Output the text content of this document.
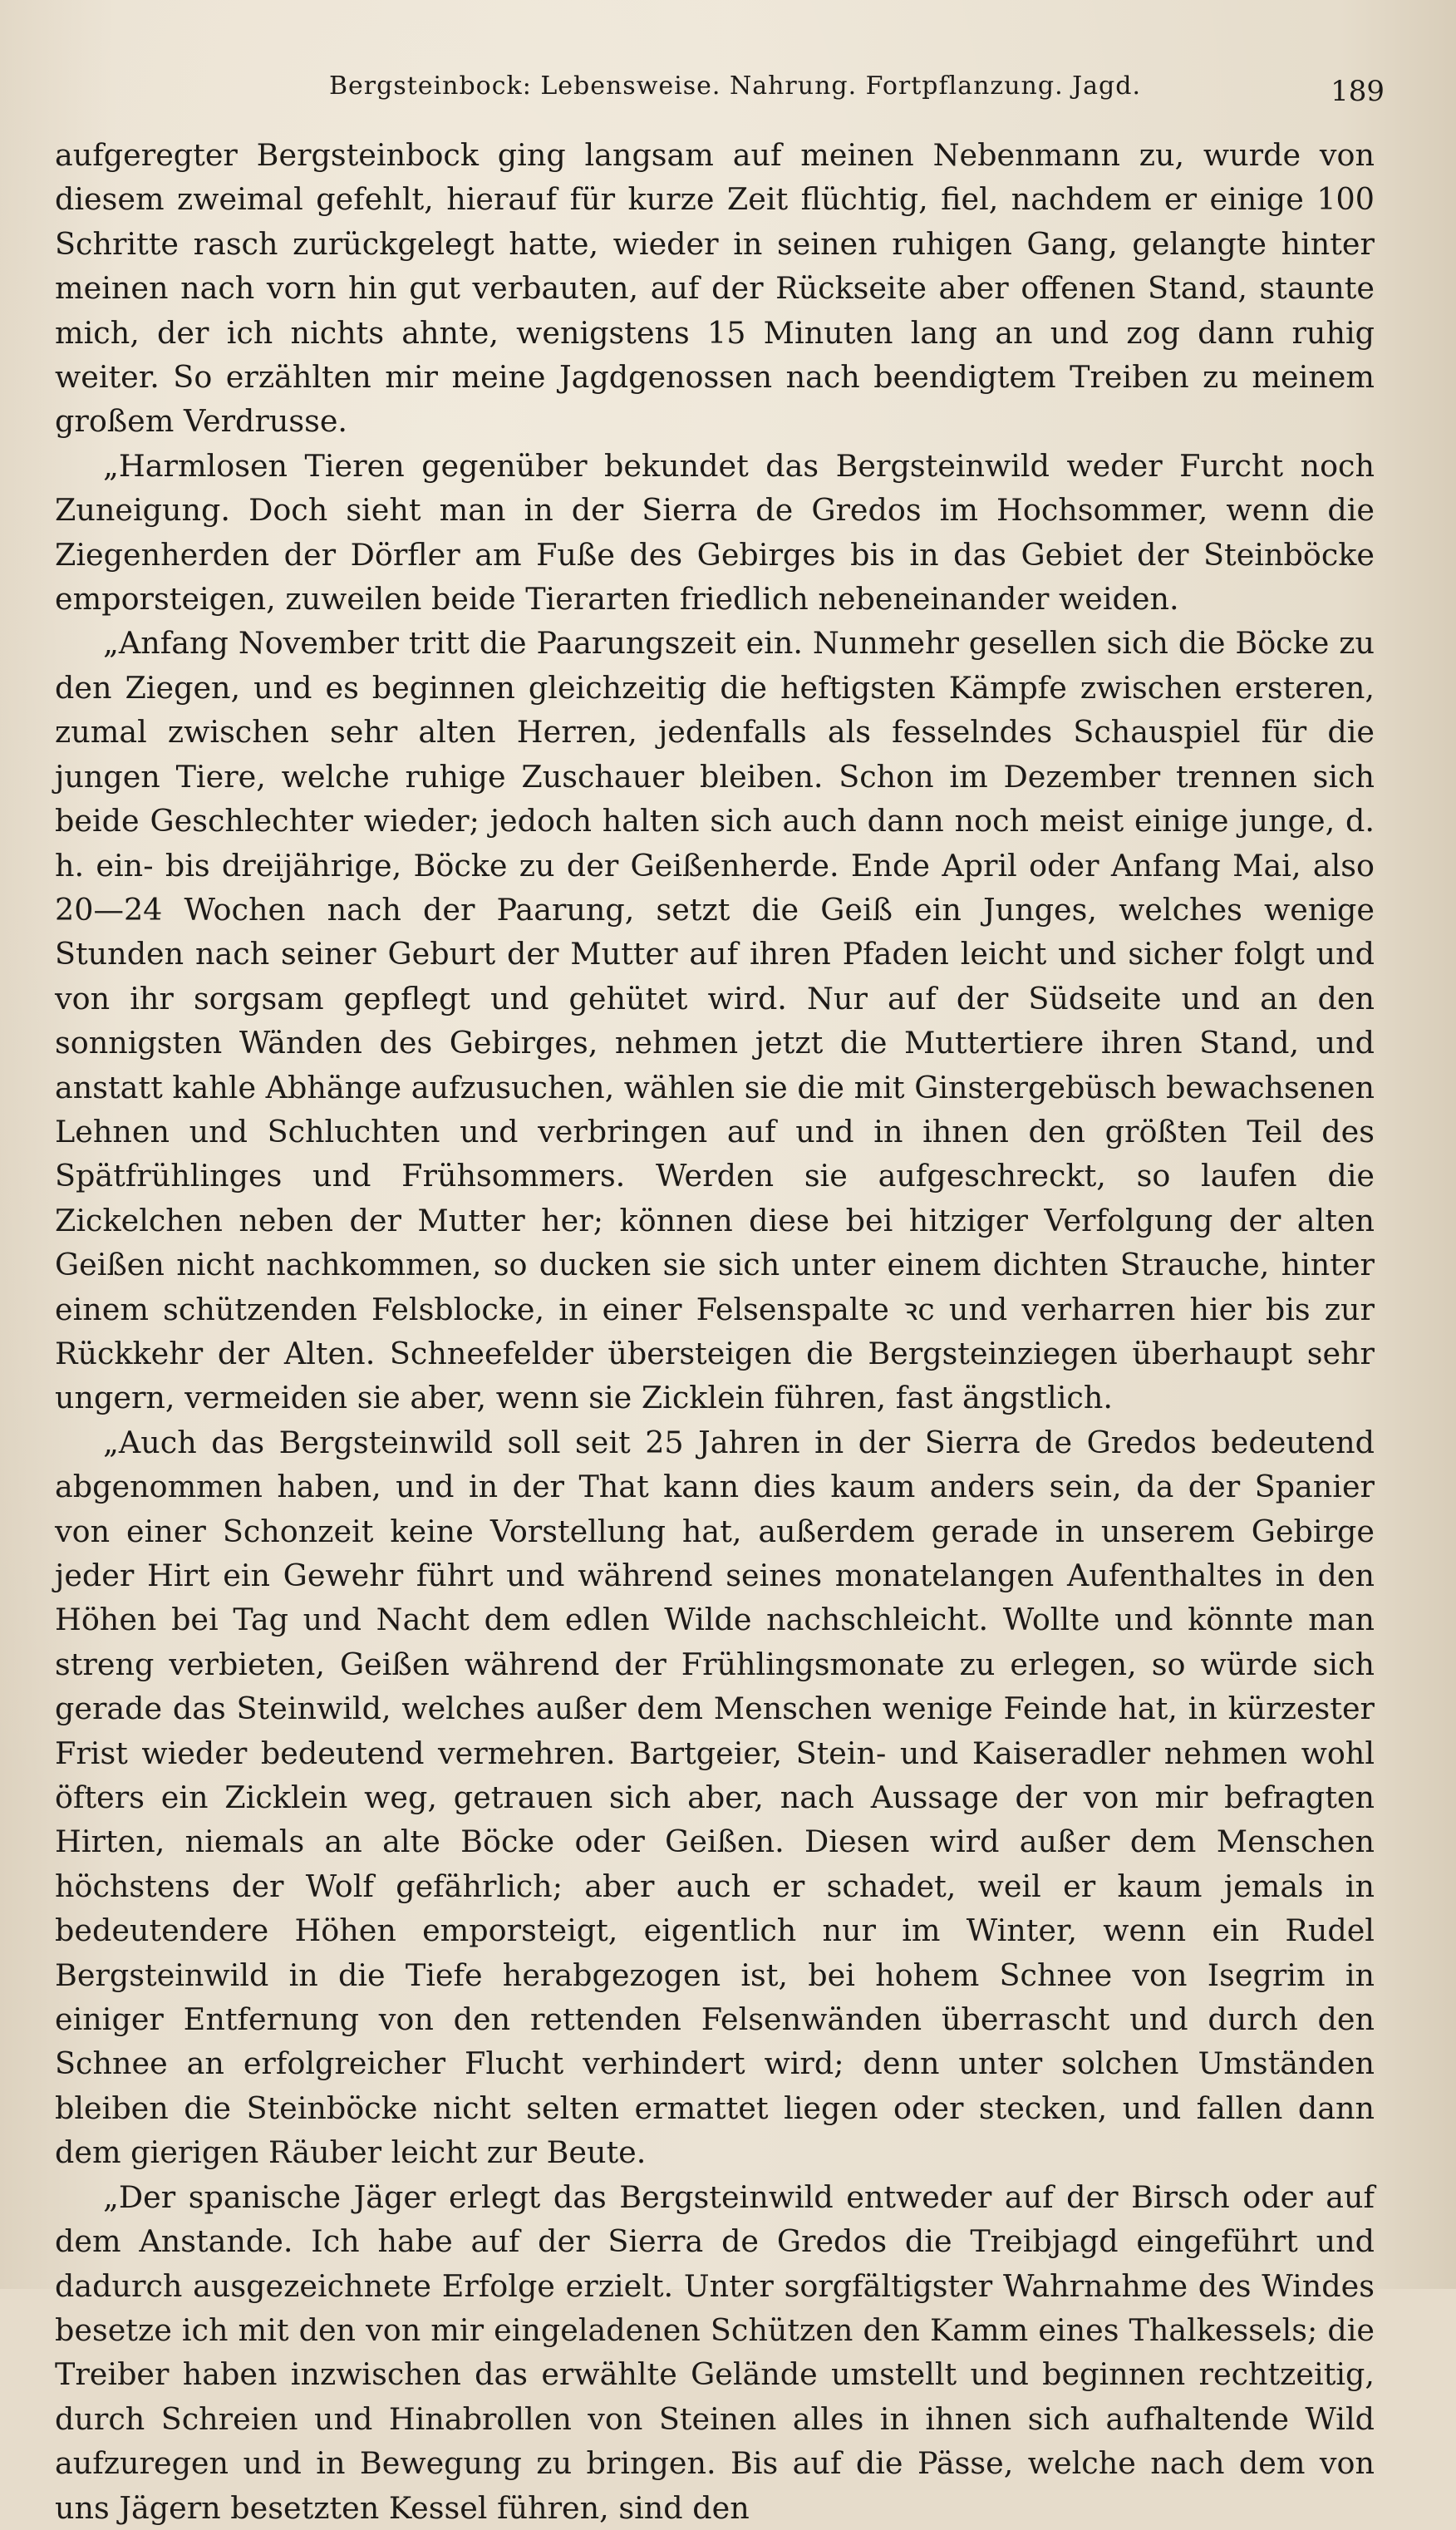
Bergsteinbock: Lebensweise. Nahrung. Fortpflanzung. Jagd.	189

aufgeregter Bergsteinbock ging langsam auf meinen Nebenmann zu, wurde von diesem zweimal gefehlt, hierauf für kurze Zeit flüchtig, fiel, nachdem er einige 100 Schritte rasch zurückgelegt hatte, wieder in seinen ruhigen Gang, gelangte hinter meinen nach vorn hin gut verbauten, auf der Rückseite aber offenen Stand, staunte mich, der ich nichts ahnte, wenigstens 15 Minuten lang an und zog dann ruhig weiter. So erzählten mir meine Jagdgenossen nach beendigtem Treiben zu meinem großem Verdrusse.

„Harmlosen Tieren gegenüber bekundet das Bergsteinwild weder Furcht noch Zuneigung. Doch sieht man in der Sierra de Gredos im Hochsommer, wenn die Ziegenherden der Dörfler am Fuße des Gebirges bis in das Gebiet der Steinböcke emporsteigen, zuweilen beide Tierarten friedlich nebeneinander weiden.

„Anfang November tritt die Paarungszeit ein. Nunmehr gesellen sich die Böcke zu den Ziegen, und es beginnen gleichzeitig die heftigsten Kämpfe zwischen ersteren, zumal zwischen sehr alten Herren, jedenfalls als fesselndes Schauspiel für die jungen Tiere, welche ruhige Zuschauer bleiben. Schon im Dezember trennen sich beide Geschlechter wieder; jedoch halten sich auch dann noch meist einige junge, d. h. ein- bis dreijährige, Böcke zu der Geißenherde. Ende April oder Anfang Mai, also 20—24 Wochen nach der Paarung, setzt die Geiß ein Junges, welches wenige Stunden nach seiner Geburt der Mutter auf ihren Pfaden leicht und sicher folgt und von ihr sorgsam gepflegt und gehütet wird. Nur auf der Südseite und an den sonnigsten Wänden des Gebirges, nehmen jetzt die Muttertiere ihren Stand, und anstatt kahle Abhänge aufzusuchen, wählen sie die mit Ginstergebüsch bewachsenen Lehnen und Schluchten und verbringen auf und in ihnen den größten Teil des Spätfrühlinges und Frühsommers. Werden sie aufgeschreckt, so laufen die Zickelchen neben der Mutter her; können diese bei hitziger Verfolgung der alten Geißen nicht nachkommen, so ducken sie sich unter einem dichten Strauche, hinter einem schützenden Felsblocke, in einer Felsenspalte ꝛc und verharren hier bis zur Rückkehr der Alten. Schneefelder übersteigen die Bergsteinziegen überhaupt sehr ungern, vermeiden sie aber, wenn sie Zicklein führen, fast ängstlich.

„Auch das Bergsteinwild soll seit 25 Jahren in der Sierra de Gredos bedeutend abgenommen haben, und in der That kann dies kaum anders sein, da der Spanier von einer Schonzeit keine Vorstellung hat, außerdem gerade in unserem Gebirge jeder Hirt ein Gewehr führt und während seines monatelangen Aufenthaltes in den Höhen bei Tag und Nacht dem edlen Wilde nachschleicht. Wollte und könnte man streng verbieten, Geißen während der Frühlingsmonate zu erlegen, so würde sich gerade das Steinwild, welches außer dem Menschen wenige Feinde hat, in kürzester Frist wieder bedeutend vermehren. Bartgeier, Stein- und Kaiseradler nehmen wohl öfters ein Zicklein weg, getrauen sich aber, nach Aussage der von mir befragten Hirten, niemals an alte Böcke oder Geißen. Diesen wird außer dem Menschen höchstens der Wolf gefährlich; aber auch er schadet, weil er kaum jemals in bedeutendere Höhen emporsteigt, eigentlich nur im Winter, wenn ein Rudel Bergsteinwild in die Tiefe herabgezogen ist, bei hohem Schnee von Isegrim in einiger Entfernung von den rettenden Felsenwänden überrascht und durch den Schnee an erfolgreicher Flucht verhindert wird; denn unter solchen Umständen bleiben die Steinböcke nicht selten ermattet liegen oder stecken, und fallen dann dem gierigen Räuber leicht zur Beute.

„Der spanische Jäger erlegt das Bergsteinwild entweder auf der Birsch oder auf dem Anstande. Ich habe auf der Sierra de Gredos die Treibjagd eingeführt und dadurch ausgezeichnete Erfolge erzielt. Unter sorgfältigster Wahrnahme des Windes besetze ich mit den von mir eingeladenen Schützen den Kamm eines Thalkessels; die Treiber haben inzwischen das erwählte Gelände umstellt und beginnen rechtzeitig, durch Schreien und Hinabrollen von Steinen alles in ihnen sich aufhaltende Wild aufzuregen und in Bewegung zu bringen. Bis auf die Pässe, welche nach dem von uns Jägern besetzten Kessel führen, sind den
